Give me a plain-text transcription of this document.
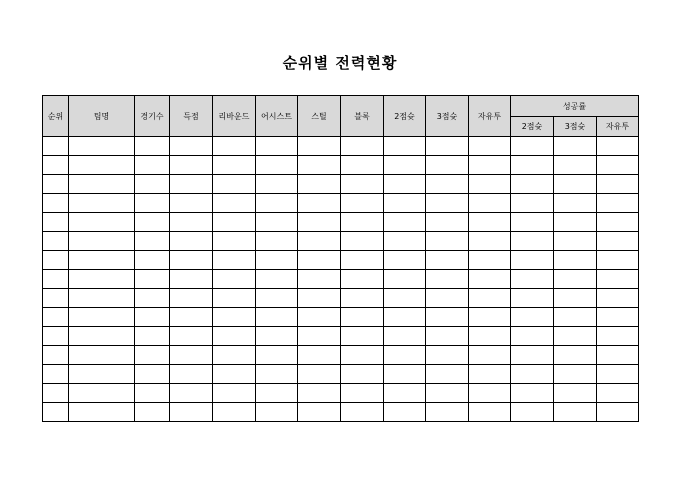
순위별 전력현황
순위	팀명	경기수	득점	리바운드	어시스트	스틸	블록	2점슛	3점슛	자유투	성공률		
											2점슛	3점슛	자유투
